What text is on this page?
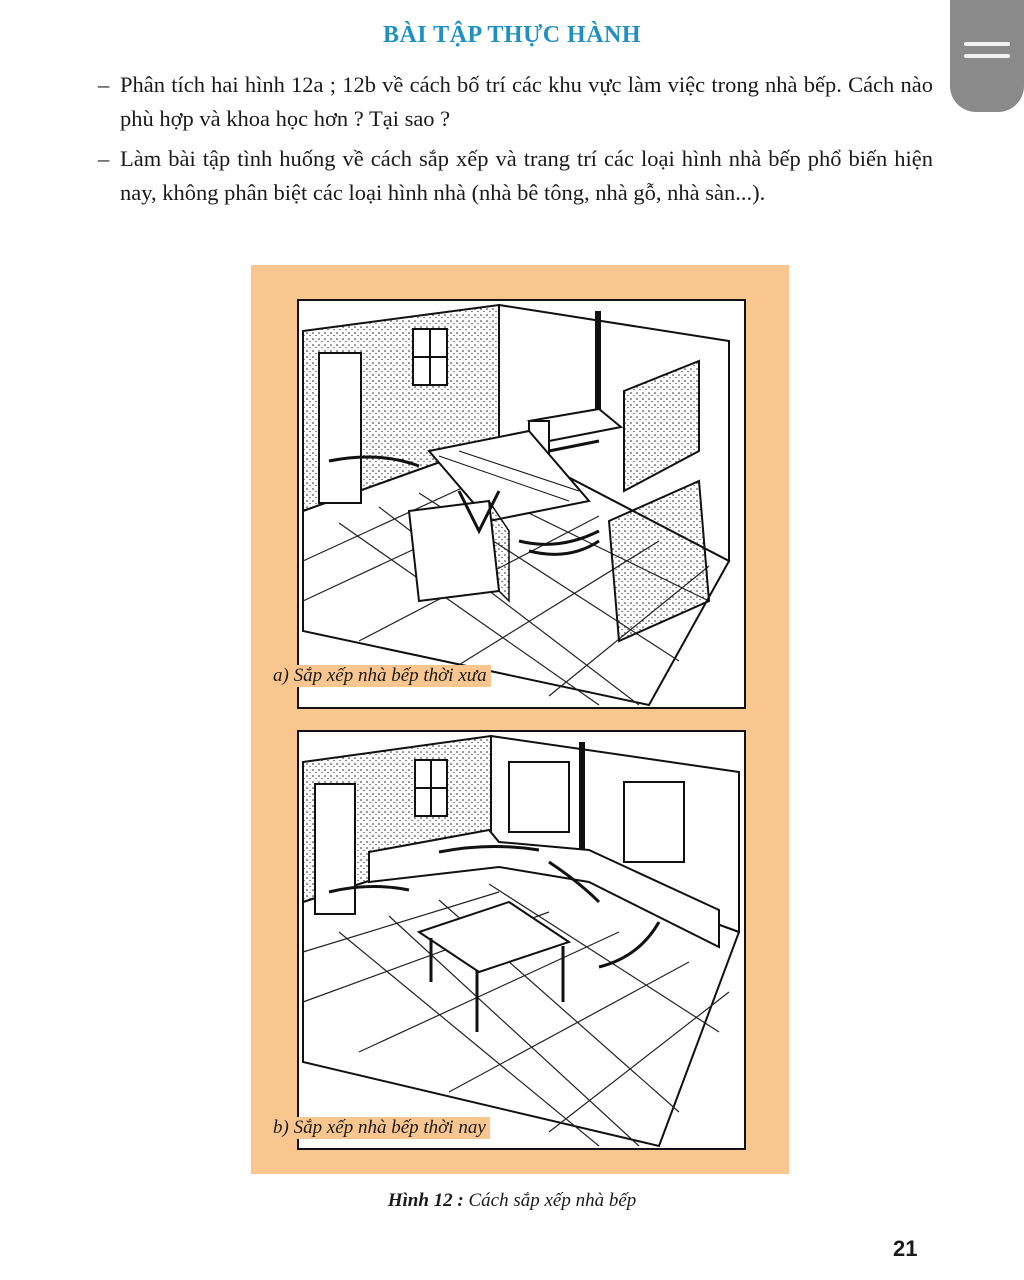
BÀI TẬP THỰC HÀNH
– Phân tích hai hình 12a ; 12b về cách bố trí các khu vực làm việc trong nhà bếp. Cách nào phù hợp và khoa học hơn ? Tại sao ?
– Làm bài tập tình huống về cách sắp xếp và trang trí các loại hình nhà bếp phổ biến hiện nay, không phân biệt các loại hình nhà (nhà bê tông, nhà gỗ, nhà sàn...).
a) Sắp xếp nhà bếp thời xưa
b) Sắp xếp nhà bếp thời nay
Hình 12 : Cách sắp xếp nhà bếp
21
